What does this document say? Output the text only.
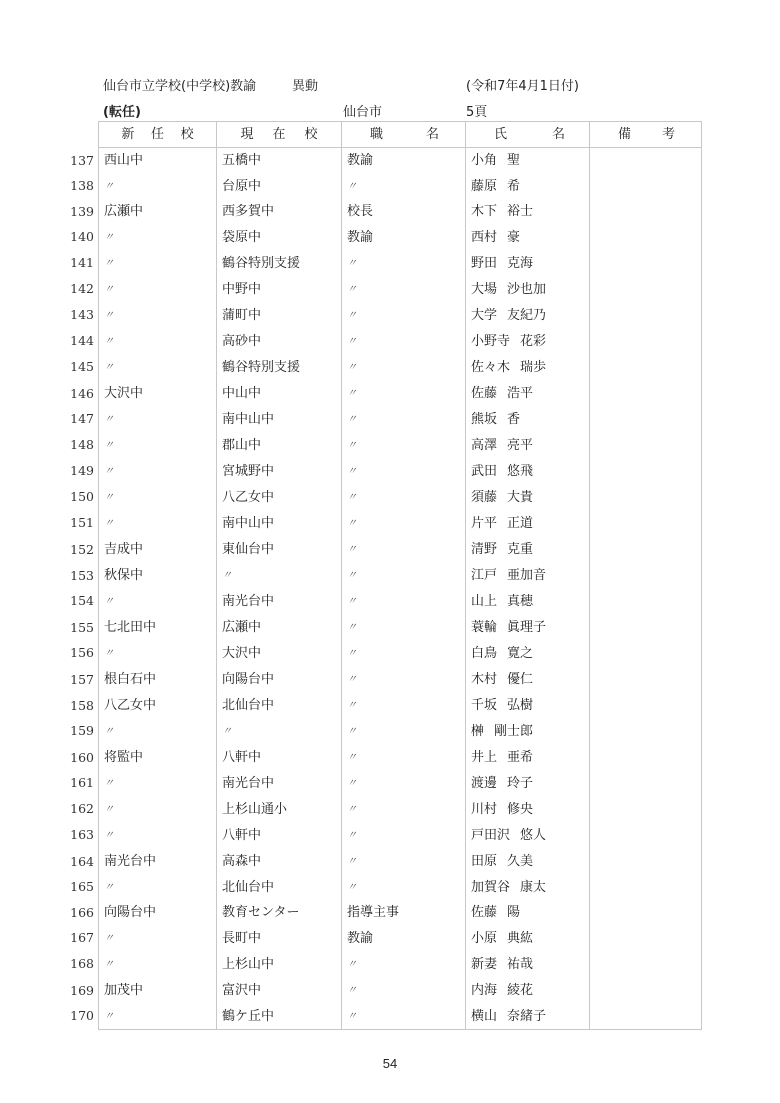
仙台市立学校(中学校)教諭	異動	(令和7年4月1日付)
(転任)	仙台市	5頁
新 任 校	現 在 校	職 名	氏 名	備 考

137 西山中	五橋中	教諭	小角 聖	

138 〃	台原中	〃	藤原 希	

139 広瀬中	西多賀中	校長	木下 裕士	

140 〃	袋原中	教諭	西村 豪	

141 〃	鶴谷特別支援	〃	野田 克海	

142 〃	中野中	〃	大場 沙也加	

143 〃	蒲町中	〃	大学 友紀乃	

144 〃	高砂中	〃	小野寺 花彩	

145 〃	鶴谷特別支援	〃	佐々木 瑞歩	

146 大沢中	中山中	〃	佐藤 浩平	

147 〃	南中山中	〃	熊坂 香	

148 〃	郡山中	〃	高澤 亮平	

149 〃	宮城野中	〃	武田 悠飛	

150 〃	八乙女中	〃	須藤 大貴	

151 〃	南中山中	〃	片平 正道	

152 吉成中	東仙台中	〃	清野 克重	

153 秋保中	〃	〃	江戸 亜加音	

154 〃	南光台中	〃	山上 真穂	

155 七北田中	広瀬中	〃	蓑輪 眞理子	

156 〃	大沢中	〃	白鳥 寛之	

157 根白石中	向陽台中	〃	木村 優仁	

158 八乙女中	北仙台中	〃	千坂 弘樹	

159 〃	〃	〃	榊 剛士郎	

160 将監中	八軒中	〃	井上 亜希	

161 〃	南光台中	〃	渡邊 玲子	

162 〃	上杉山通小	〃	川村 修央	

163 〃	八軒中	〃	戸田沢 悠人	

164 南光台中	高森中	〃	田原 久美	

165 〃	北仙台中	〃	加賀谷 康太	

166 向陽台中	教育センター	指導主事	佐藤 陽	

167 〃	長町中	教諭	小原 典紘	

168 〃	上杉山中	〃	新妻 祐哉	

169 加茂中	富沢中	〃	内海 綾花	

170 〃	鶴ケ丘中	〃	横山 奈緒子	
54
